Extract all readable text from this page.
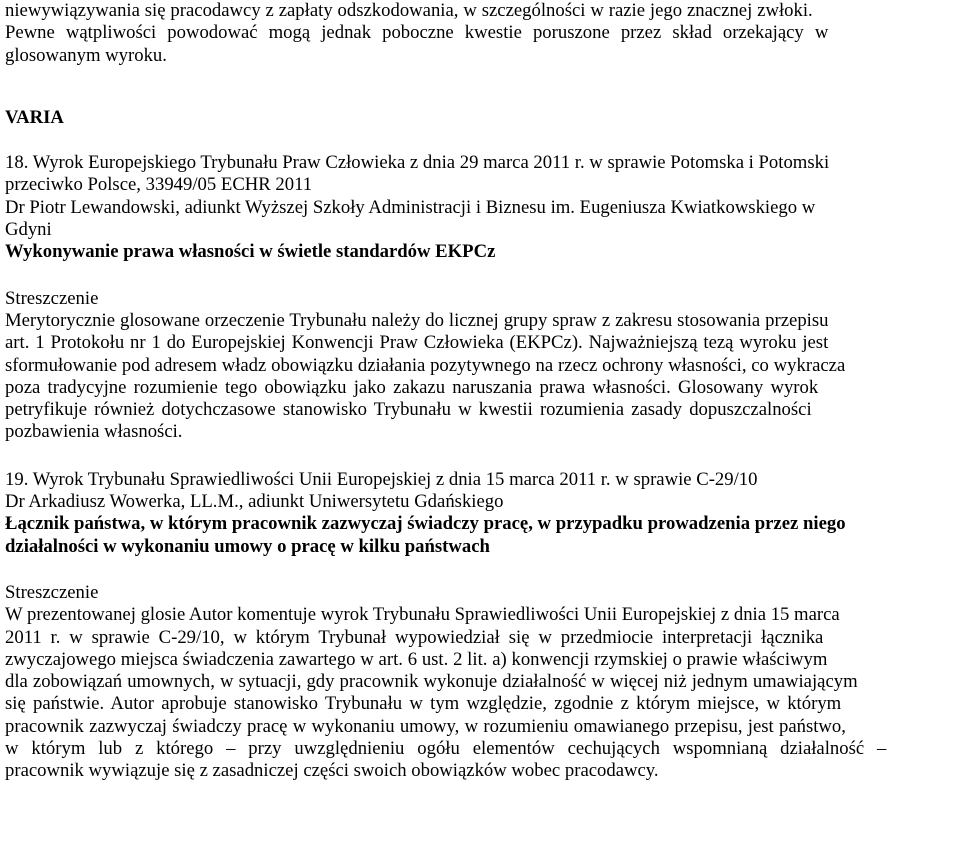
niewywiązywania się pracodawcy z zapłaty odszkodowania, w szczególności w razie jego znacznej zwłoki.
Pewne wątpliwości powodować mogą jednak poboczne kwestie poruszone przez skład orzekający w
glosowanym wyroku.
VARIA
18. Wyrok Europejskiego Trybunału Praw Człowieka z dnia 29 marca 2011 r. w sprawie Potomska i Potomski
przeciwko Polsce, 33949/05 ECHR 2011
Dr Piotr Lewandowski, adiunkt Wyższej Szkoły Administracji i Biznesu im. Eugeniusza Kwiatkowskiego w
Gdyni
Wykonywanie prawa własności w świetle standardów EKPCz
Streszczenie
Merytorycznie glosowane orzeczenie Trybunału należy do licznej grupy spraw z zakresu stosowania przepisu
art. 1 Protokołu nr 1 do Europejskiej Konwencji Praw Człowieka (EKPCz). Najważniejszą tezą wyroku jest
sformułowanie pod adresem władz obowiązku działania pozytywnego na rzecz ochrony własności, co wykracza
poza tradycyjne rozumienie tego obowiązku jako zakazu naruszania prawa własności. Glosowany wyrok
petryfikuje również dotychczasowe stanowisko Trybunału w kwestii rozumienia zasady dopuszczalności
pozbawienia własności.
19. Wyrok Trybunału Sprawiedliwości Unii Europejskiej z dnia 15 marca 2011 r. w sprawie C-29/10
Dr Arkadiusz Wowerka, LL.M., adiunkt Uniwersytetu Gdańskiego
Łącznik państwa, w którym pracownik zazwyczaj świadczy pracę, w przypadku prowadzenia przez niego
działalności w wykonaniu umowy o pracę w kilku państwach
Streszczenie
W prezentowanej glosie Autor komentuje wyrok Trybunału Sprawiedliwości Unii Europejskiej z dnia 15 marca
2011 r. w sprawie C-29/10, w którym Trybunał wypowiedział się w przedmiocie interpretacji łącznika
zwyczajowego miejsca świadczenia zawartego w art. 6 ust. 2 lit. a) konwencji rzymskiej o prawie właściwym
dla zobowiązań umownych, w sytuacji, gdy pracownik wykonuje działalność w więcej niż jednym umawiającym
się państwie. Autor aprobuje stanowisko Trybunału w tym względzie, zgodnie z którym miejsce, w którym
pracownik zazwyczaj świadczy pracę w wykonaniu umowy, w rozumieniu omawianego przepisu, jest państwo,
w którym lub z którego – przy uwzględnieniu ogółu elementów cechujących wspomnianą działalność –
pracownik wywiązuje się z zasadniczej części swoich obowiązków wobec pracodawcy.
